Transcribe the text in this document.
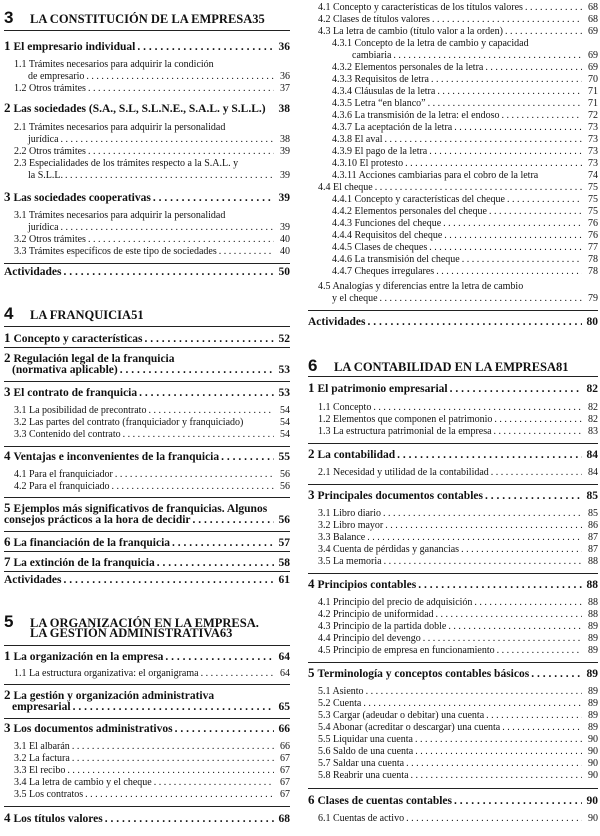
3	LA CONSTITUCIÓN DE LA EMPRESA 35
1 El empresario individual . . .	36
1.1 Trámites necesarios para adquirir la condición
de empresario . . .	36
1.2 Otros trámites . . .	37
2 Las sociedades (S.A., S.L, S.L.N.E., S.A.L. y S.L.L.) 38
2.1 Trámites necesarios para adquirir la personalidad
jurídica . . .	38
2.2 Otros trámites . . .	39
2.3 Especialidades de los trámites respecto a la S.A.L. y
la S.L.L. . . .	39
3 Las sociedades cooperativas . . .	39
3.1 Trámites necesarios para adquirir la personalidad
jurídica . . .	39
3.2 Otros trámites . . .	40
3.3 Trámites específicos de este tipo de sociedades . . .	40
Actividades . . .	50
4	LA FRANQUICIA 51
1 Concepto y características . . .	52
2 Regulación legal de la franquicia
(normativa aplicable) . . .	53
3 El contrato de franquicia . . .	53
3.1 La posibilidad de precontrato . . .	54
3.2 Las partes del contrato (franquiciador y franquiciado)	54
3.3 Contenido del contrato . . .	54
4 Ventajas e inconvenientes de la franquicia . . .	55
4.1 Para el franquiciador . . .	56
4.2 Para el franquiciado . . .	56
5 Ejemplos más significativos de franquicias. Algunos
consejos prácticos a la hora de decidir . . .	56
6 La financiación de la franquicia . . .	57
7 La extinción de la franquicia . . .	58
Actividades . . .	61
5	LA ORGANIZACIÓN EN LA EMPRESA.
LA GESTIÓN ADMINISTRATIVA 63
1 La organización en la empresa . . .	64
1.1 La estructura organizativa: el organigrama . . .	64
2 La gestión y organización administrativa
empresarial . . .	65
3 Los documentos administrativos . . .	66
3.1 El albarán . . .	66
3.2 La factura . . .	67
3.3 El recibo . . .	67
3.4 La letra de cambio y el cheque . . .	67
3.5 Los contratos . . .	67
4 Los títulos valores . . .	68
4.1 Concepto y características de los títulos valores . . .	68
4.2 Clases de títulos valores . . .	68
4.3 La letra de cambio (título valor a la orden) . . .	69
4.3.1 Concepto de la letra de cambio y capacidad
cambiaria . . .	69
4.3.2 Elementos personales de la letra . . .	69
4.3.3 Requisitos de letra . . .	70
4.3.4 Cláusulas de la letra . . .	71
4.3.5 Letra “en blanco” . . .	71
4.3.6 La transmisión de la letra: el endoso . . .	72
4.3.7 La aceptación de la letra . . .	73
4.3.8 El aval . . .	73
4.3.9 El pago de la letra . . .	73
4.3.10 El protesto . . .	73
4.3.11 Acciones cambiarias para el cobro de la letra	74
4.4 El cheque . . .	75
4.4.1 Concepto y características del cheque . . .	75
4.4.2 Elementos personales del cheque . . .	75
4.4.3 Funciones del cheque . . .	76
4.4.4 Requisitos del cheque . . .	76
4.4.5 Clases de cheques . . .	77
4.4.6 La transmisión del cheque . . .	78
4.4.7 Cheques irregulares . . .	78
4.5 Analogías y diferencias entre la letra de cambio
y el cheque . . .	79
Actividades . . .	80
6	LA CONTABILIDAD EN LA EMPRESA 81
1 El patrimonio empresarial . . .	82
1.1 Concepto . . .	82
1.2 Elementos que componen el patrimonio . . .	82
1.3 La estructura patrimonial de la empresa . . .	83
2 La contabilidad . . .	84
2.1 Necesidad y utilidad de la contabilidad . . .	84
3 Principales documentos contables . . .	85
3.1 Libro diario . . .	85
3.2 Libro mayor . . .	86
3.3 Balance . . .	87
3.4 Cuenta de pérdidas y ganancias . . .	87
3.5 La memoria . . .	88
4 Principios contables . . .	88
4.1 Principio del precio de adquisición . . .	88
4.2 Principio de uniformidad . . .	88
4.3 Principio de la partida doble . . .	89
4.4 Principio del devengo . . .	89
4.5 Principio de empresa en funcionamiento . . .	89
5 Terminología y conceptos contables básicos . . .	89
5.1 Asiento . . .	89
5.2 Cuenta . . .	89
5.3 Cargar (adeudar o debitar) una cuenta . . .	89
5.4 Abonar (acreditar o descargar) una cuenta . . .	89
5.5 Liquidar una cuenta . . .	90
5.6 Saldo de una cuenta . . .	90
5.7 Saldar una cuenta . . .	90
5.8 Reabrir una cuenta . . .	90
6 Clases de cuentas contables . . .	90
6.1 Cuentas de activo . . .	90
